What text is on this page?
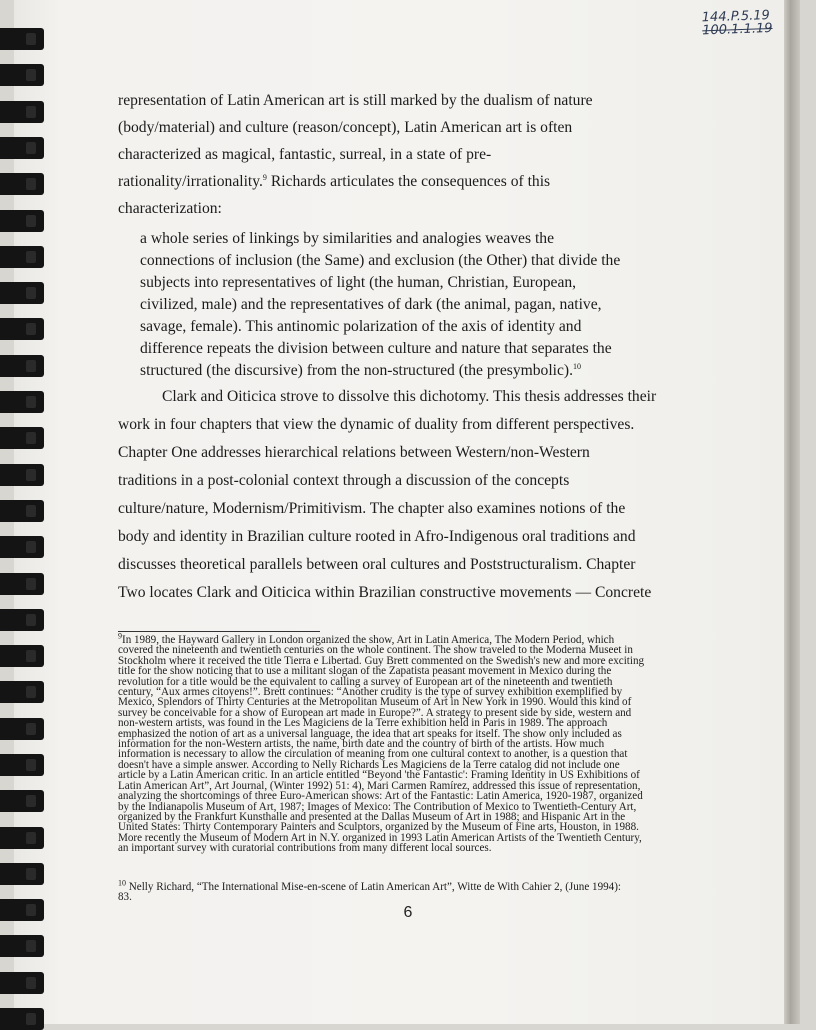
144.P.5.19
100.1.1.19
representation of Latin American art is still marked by the dualism of nature
(body/material) and culture (reason/concept), Latin American art is often
characterized as magical, fantastic, surreal, in a state of pre-
rationality/irrationality.$^9$ Richards articulates the consequences of this
characterization:
a whole series of linkings by similarities and analogies weaves the
connections of inclusion (the Same) and exclusion (the Other) that divide the
subjects into representatives of light (the human, Christian, European,
civilized, male) and the representatives of dark (the animal, pagan, native,
savage, female). This antinomic polarization of the axis of identity and
difference repeats the division between culture and nature that separates the
structured (the discursive) from the non-structured (the presymbolic).$^{10}$
Clark and Oiticica strove to dissolve this dichotomy. This thesis addresses their
work in four chapters that view the dynamic of duality from different perspectives.
Chapter One addresses hierarchical relations between Western/non-Western
traditions in a post-colonial context through a discussion of the concepts
culture/nature, Modernism/Primitivism. The chapter also examines notions of the
body and identity in Brazilian culture rooted in Afro-Indigenous oral traditions and
discusses theoretical parallels between oral cultures and Poststructuralism. Chapter
Two locates Clark and Oiticica within Brazilian constructive movements — Concrete
$^9$In 1989, the Hayward Gallery in London organized the show, Art in Latin America, The Modern Period, which
covered the nineteenth and twentieth centuries on the whole continent. The show traveled to the Moderna Museet in
Stockholm where it received the title Tierra e Libertad. Guy Brett commented on the Swedish's new and more exciting
title for the show noticing that to use a militant slogan of the Zapatista peasant movement in Mexico during the
revolution for a title would be the equivalent to calling a survey of European art of the nineteenth and twentieth
century, “Aux armes citoyens!”. Brett continues: “Another crudity is the type of survey exhibition exemplified by
Mexico, Splendors of Thirty Centuries at the Metropolitan Museum of Art in New York in 1990. Would this kind of
survey be conceivable for a show of European art made in Europe?”. A strategy to present side by side, western and
non-western artists, was found in the Les Magiciens de la Terre exhibition held in Paris in 1989. The approach
emphasized the notion of art as a universal language, the idea that art speaks for itself. The show only included as
information for the non-Western artists, the name, birth date and the country of birth of the artists. How much
information is necessary to allow the circulation of meaning from one cultural context to another, is a question that
doesn't have a simple answer. According to Nelly Richards Les Magiciens de la Terre catalog did not include one
article by a Latin American critic. In an article entitled “Beyond 'the Fantastic': Framing Identity in US Exhibitions of
Latin American Art”, Art Journal, (Winter 1992) 51: 4), Mari Carmen Ramírez, addressed this issue of representation,
analyzing the shortcomings of three Euro-American shows: Art of the Fantastic: Latin America, 1920-1987, organized
by the Indianapolis Museum of Art, 1987; Images of Mexico: The Contribution of Mexico to Twentieth-Century Art,
organized by the Frankfurt Kunsthalle and presented at the Dallas Museum of Art in 1988; and Hispanic Art in the
United States: Thirty Contemporary Painters and Sculptors, organized by the Museum of Fine arts, Houston, in 1988.
More recently the Museum of Modern Art in N.Y. organized in 1993 Latin American Artists of the Twentieth Century,
an important survey with curatorial contributions from many different local sources.
$^{10}$ Nelly Richard, “The International Mise-en-scene of Latin American Art”, Witte de With Cahier 2, (June 1994):
83.
6
